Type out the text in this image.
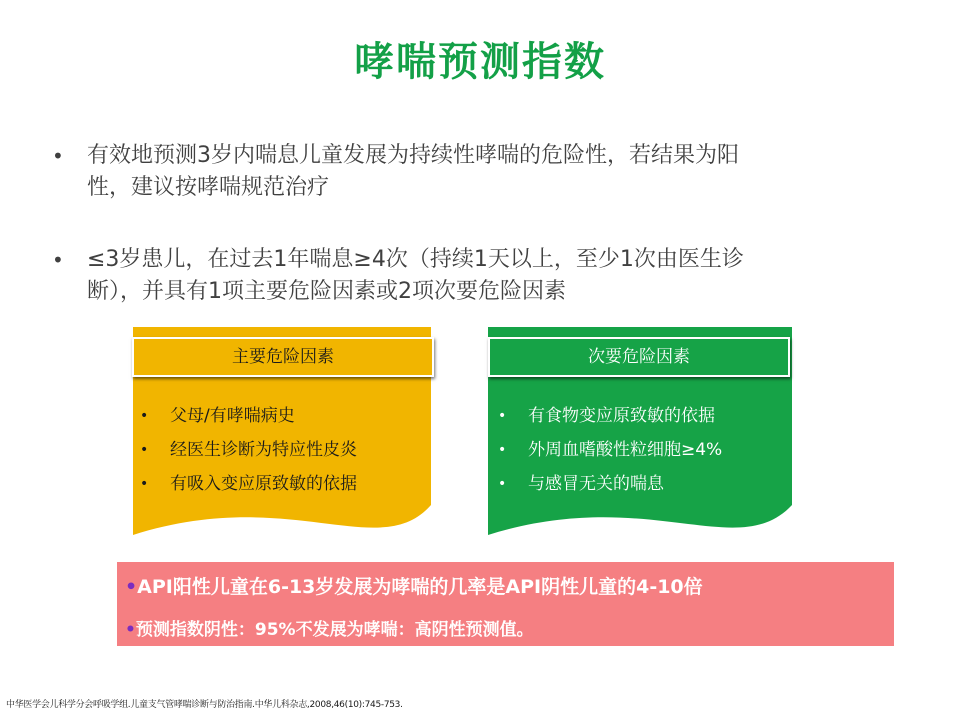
哮喘预测指数
• 有效地预测3岁内喘息儿童发展为持续性哮喘的危险性，若结果为阳
性，建议按哮喘规范治疗
• ≤3岁患儿，在过去1年喘息≥4次（持续1天以上，至少1次由医生诊
断），并具有1项主要危险因素或2项次要危险因素
主要危险因素
• 父母/有哮喘病史
• 经医生诊断为特应性皮炎
• 有吸入变应原致敏的依据
次要危险因素
• 有食物变应原致敏的依据
• 外周血嗜酸性粒细胞≥4%
• 与感冒无关的喘息
•API阳性儿童在6-13岁发展为哮喘的几率是API阴性儿童的4-10倍
•预测指数阴性：95%不发展为哮喘：高阴性预测值。
中华医学会儿科学分会呼吸学组.儿童支气管哮喘诊断与防治指南.中华儿科杂志,2008,46(10):745-753.
